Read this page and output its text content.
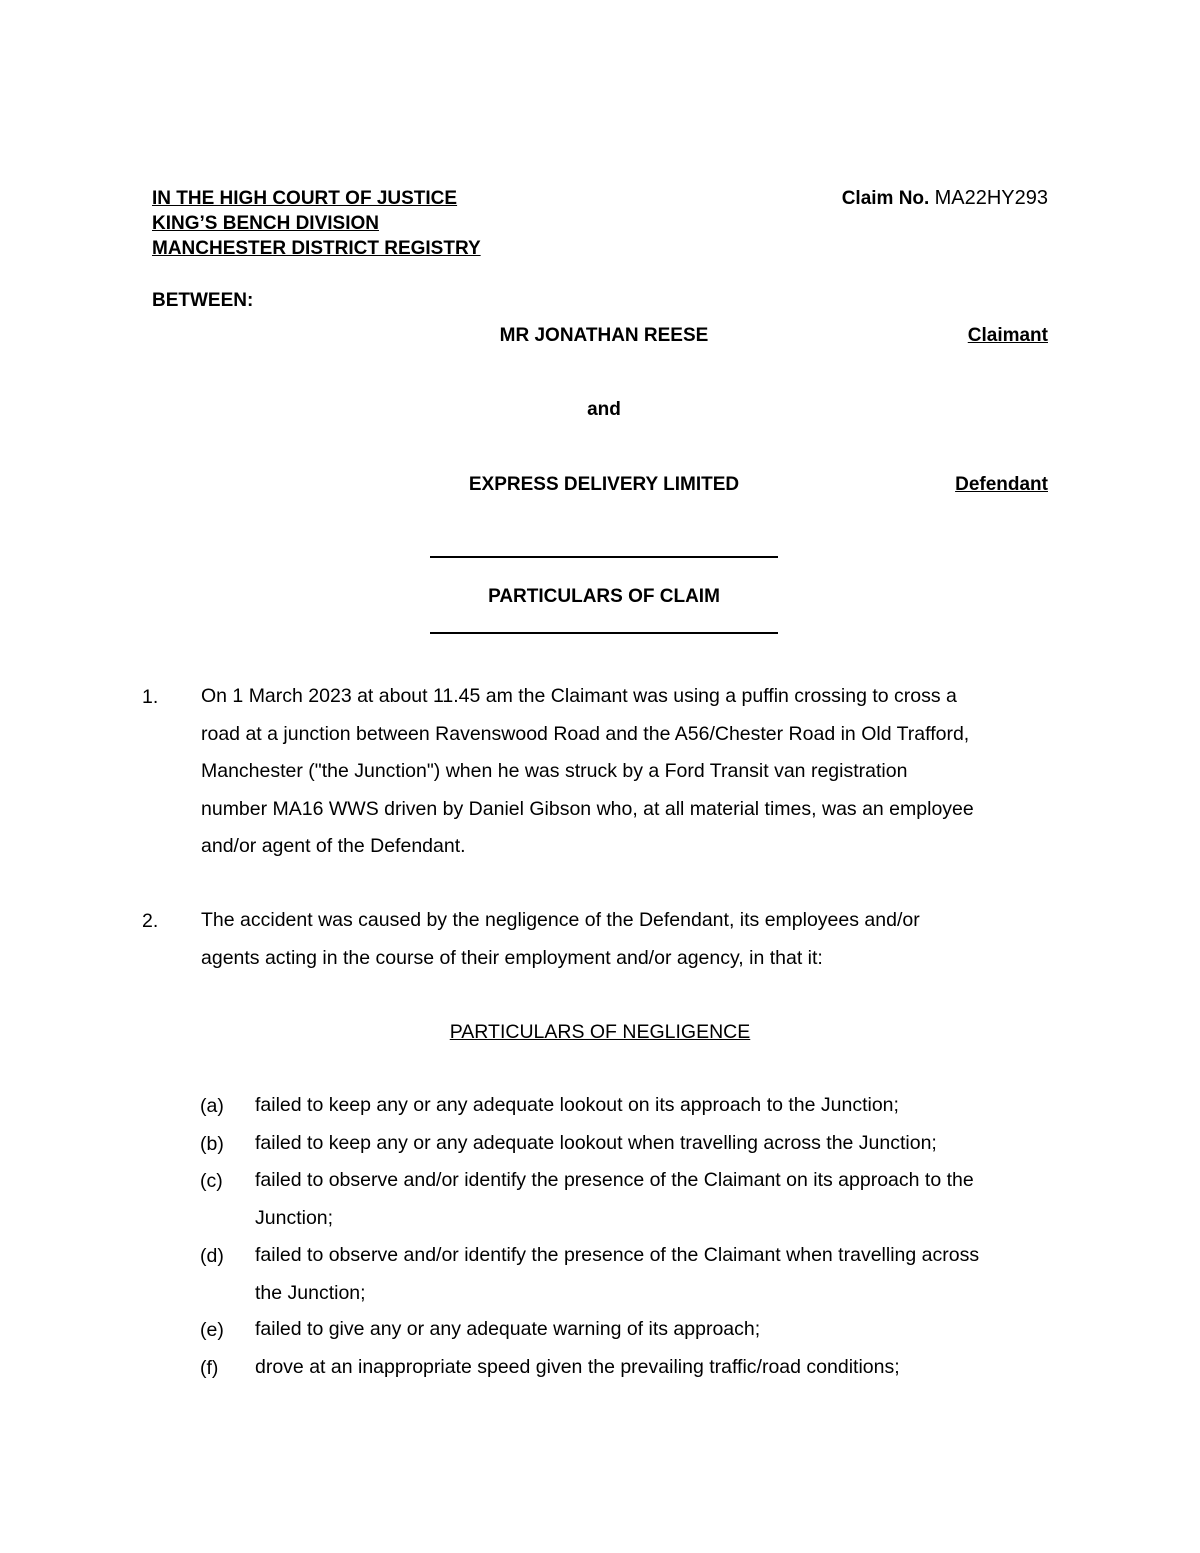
IN THE HIGH COURT OF JUSTICE
KING’S BENCH DIVISION
MANCHESTER DISTRICT REGISTRY
Claim No. MA22HY293
BETWEEN:
MR JONATHAN REESE	Claimant
and
EXPRESS DELIVERY LIMITED	Defendant
PARTICULARS OF CLAIM
1. On 1 March 2023 at about 11.45 am the Claimant was using a puffin crossing to cross a
road at a junction between Ravenswood Road and the A56/Chester Road in Old Trafford,
Manchester ("the Junction") when he was struck by a Ford Transit van registration
number MA16 WWS driven by Daniel Gibson who, at all material times, was an employee
and/or agent of the Defendant.
2. The accident was caused by the negligence of the Defendant, its employees and/or
agents acting in the course of their employment and/or agency, in that it:
PARTICULARS OF NEGLIGENCE
(a) failed to keep any or any adequate lookout on its approach to the Junction;
(b) failed to keep any or any adequate lookout when travelling across the Junction;
(c) failed to observe and/or identify the presence of the Claimant on its approach to the
Junction;
(d) failed to observe and/or identify the presence of the Claimant when travelling across
the Junction;
(e) failed to give any or any adequate warning of its approach;
(f) drove at an inappropriate speed given the prevailing traffic/road conditions;
